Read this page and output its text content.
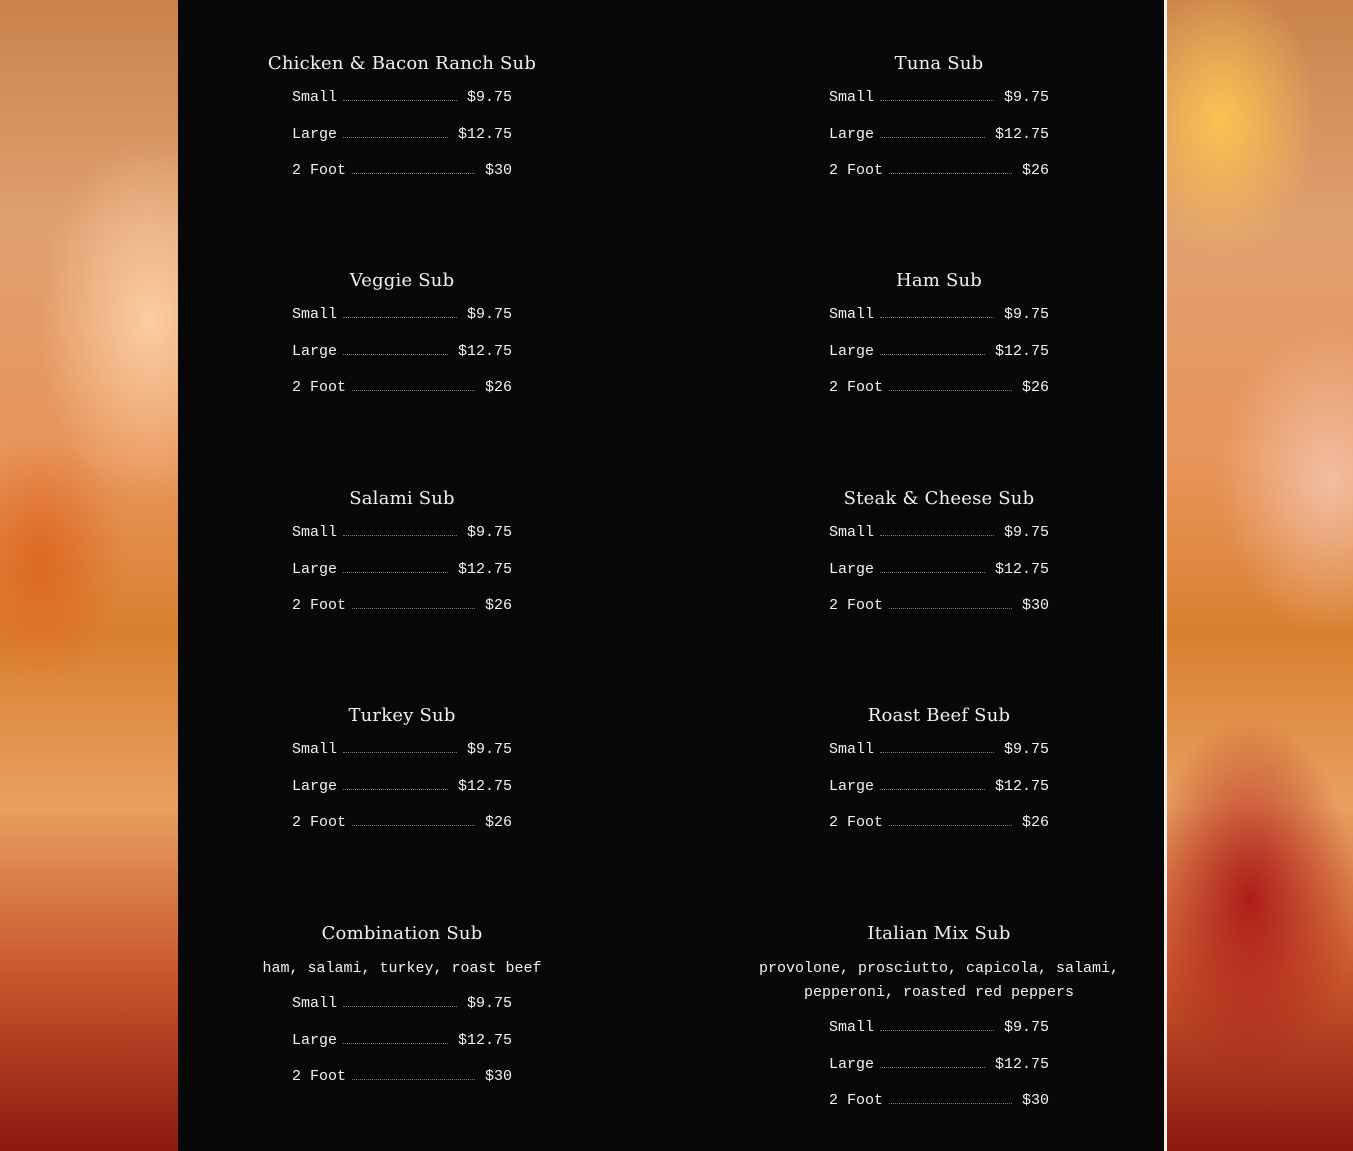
Chicken & Bacon Ranch Sub
Small	$9.75
Large	$12.75
2 Foot	$30
Tuna Sub
Small	$9.75
Large	$12.75
2 Foot	$26
Veggie Sub
Small	$9.75
Large	$12.75
2 Foot	$26
Ham Sub
Small	$9.75
Large	$12.75
2 Foot	$26
Salami Sub
Small	$9.75
Large	$12.75
2 Foot	$26
Steak & Cheese Sub
Small	$9.75
Large	$12.75
2 Foot	$30
Turkey Sub
Small	$9.75
Large	$12.75
2 Foot	$26
Roast Beef Sub
Small	$9.75
Large	$12.75
2 Foot	$26
Combination Sub
ham, salami, turkey, roast beef
Small	$9.75
Large	$12.75
2 Foot	$30
Italian Mix Sub
provolone, prosciutto, capicola, salami, pepperoni, roasted red peppers
Small	$9.75
Large	$12.75
2 Foot	$30
